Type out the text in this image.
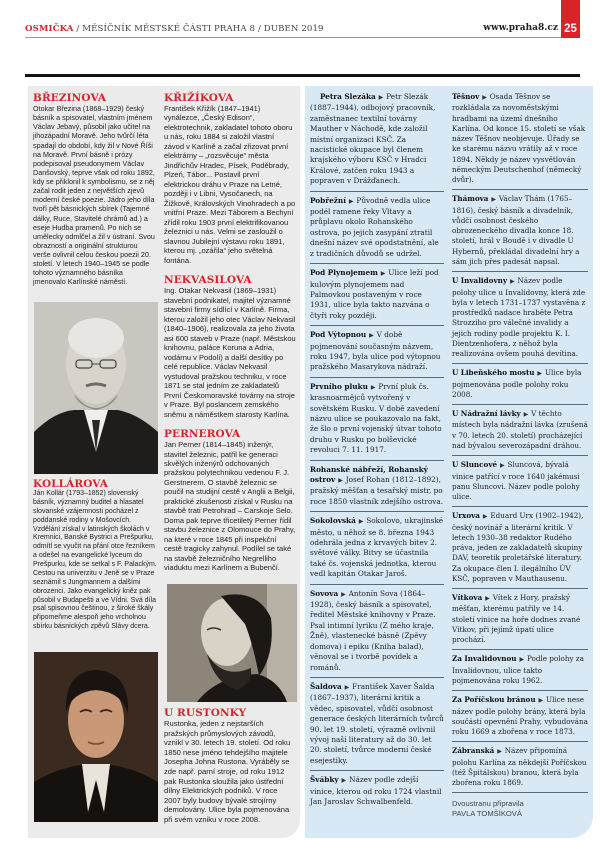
OSMIČKA / MĚSÍČNÍK MĚSTSKÉ ČÁSTI PRAHA 8 / DUBEN 2019	www.praha8.cz 25
BŘEZINOVA
Otokar Březina (1868–1929) český básník a spisovatel, vlastním jménem Václav Jebavý, působil jako učitel na jihozápadní Moravě. Jeho tvůrčí léta spadají do období, kdy žil v Nové Říši na Moravě. První básně i prózy podepisoval pseudonymem Václav Danšovský, teprve však od roku 1892, kdy se přiklonil k symbolismu, se z něj začal rodit jeden z největších zjevů moderní české poezie. Jádro jeho díla tvoří pět básnických sbírek (Tajemné dálky, Ruce, Stavitelé chrámů ad.) a eseje Hudba pramenů. Po nich se umělecky odmlčel a žil v ústraní. Svou obrazností a originální strukturou verše ovlivnil celou českou poezii 20. století. V letech 1940–1945 se podle tohoto významného básníka jmenovalo Karlínské náměstí.
KOLLÁROVA
Ján Kollár (1793–1852) slovenský básník, významný buditel a hlasatel slovanské vzájemnosti pocházel z poddanské rodiny v Mošovcích. Vzdělání získal v latinských školách v Kremnici, Banské Bystrici a Prešpurku, odmítl se vyučit na přání otce řezníkem a odešel na evangelické lyceum do Prešpurku, kde se setkal s F. Palackým. Cestou na univerzitu v Jeně se v Praze seznámil s Jungmannem a dalšími obrozenci. Jako evangelický kněz pak působil v Budapešti a ve Vídni. Svá díla psal spisovnou češtinou, z široké škály připomeňme alespoň jeho vrcholnou sbírku básnických zpěvů Slávy dcera.
KŘIŽÍKOVA
František Křižík (1847–1941) vynálezce, „Český Edison“, elektrotechnik, zakladatel tohoto oboru u nás, roku 1884 si založil vlastní závod v Karlíně a začal zřizovat první elektrárny – „rozsvěcuje“ města Jindřichův Hradec, Písek, Poděbrady, Plzeň, Tábor... Postavil první elektrickou dráhu v Praze na Letné, později i v Libni, Vysočanech, na Žižkově, Královských Vinohradech a po vnitřní Praze. Mezi Táborem a Bechyní zřídil roku 1903 první elektrifikovanou železnici u nás. Velmi se zasloužil o slavnou Jubilejní výstavu roku 1891, kterou mj. „ozářila“ jeho světelná fontána.
NEKVASILOVA
Ing. Otakar Nekvasil (1869–1931) stavební podnikatel, majitel významné stavební firmy sídlící v Karlíně. Firma, kterou založil jeho otec Václav Nekvasil (1840–1906), realizovala za jeho života asi 600 staveb v Praze (např. Městskou knihovnu, paláce Koruna a Adria, vodárnu v Podolí) a další desítky po celé republice. Václav Nekvasil vystudoval pražskou techniku, v roce 1871 se stal jedním ze zakladatelů První Českomoravské továrny na stroje v Praze. Byl poslancem zemského sněmu a náměstkem starosty Karlína.
PERNEROVA
Jan Perner (1814–1845) inženýr, stavitel železnic, patřil ke generaci skvělých inženýrů odchovaných pražskou polytechnikou vedenou F. J. Gerstnerem. O stavbě železnic se poučil na studijní cestě v Anglii a Belgii, praktické zkušenosti získal v Rusku na stavbě trati Petrohrad – Carskoje Selo. Doma pak teprve třicetiletý Perner řídil stavbu železnice z Olomouce do Prahy, na které v roce 1845 při inspekční cestě tragicky zahynul. Podílel se také na stavbě železničního Negrelliho viaduktu mezi Karlínem a Bubenčí.
U RUSTONKY
Rustonka, jeden z nejstarších pražských průmyslových závodů, vznikl v 30. letech 19. století. Od roku 1850 nese jméno tehdejšího majitele Josepha Johna Rustona. Vyráběly se zde např. parní stroje, od roku 1912 pak Rustonka sloužila jako ústřední dílny Elektrických podniků. V roce 2007 byly budovy bývalé strojírny demolovány. Ulice byla pojmenována při svém vzniku v roce 2008.
Petra Slezáka ▶ Petr Slezák (1887–1944), odbojový pracovník, zaměstnanec textilní továrny Mauther v Náchodě, kde založil místní organizaci KSČ. Za nacistické okupace byl členem krajského výboru KSČ v Hradci Králové, zatčen roku 1943 a popraven v Drážďanech.
Pobřežní ▶ Původně vedla ulice podél ramene řeky Vltavy a průplavu okolo Rohanského ostrova, po jejich zasypání ztratil dnešní název své opodstatnění, ale z tradičních důvodů se udržel.
Pod Plynojemem ▶ Ulice leží pod kulovým plynojemem nad Palmovkou postaveným v roce 1931, ulice byla takto nazvána o čtyři roky později.
Pod Výtopnou ▶ V době pojmenování současným názvem, roku 1947, byla ulice pod výtopnou pražského Masarykova nádraží.
Prvního pluku ▶ První pluk čs. krasnoarmějců vytvořený v sovětském Rusku. V době zavedení názvu ulice se poukazovalo na fakt, že šlo o první vojenský útvar tohoto druhu v Rusku po bolševické revoluci 7. 11. 1917.
Rohanské nábřeží, Rohanský ostrov ▶ Josef Rohan (1812–1892), pražský měšťan a tesařský mistr, po roce 1850 vlastník zdejšího ostrova.
Sokolovská ▶ Sokolovo, ukrajinské město, u něhož se 8. března 1943 odehrála jedna z krvavých bitev 2. světové války. Bitvy se účastnila také čs. vojenská jednotka, kterou vedl kapitán Otakar Jaroš.
Sovova ▶ Antonín Sova (1864–1928), český básník a spisovatel, ředitel Městské knihovny v Praze. Psal intimní lyriku (Z mého kraje, Žně), vlastenecké básně (Zpěvy domova) i epiku (Kniha balad), věnoval se i tvorbě povídek a románů.
Šaldova ▶ František Xaver Šalda (1867–1937), literární kritik a vědec, spisovatel, vůdčí osobnost generace českých literárních tvůrců 90. let 19. století, výrazně ovlivnil vývoj naší literatury až do 30. let 20. století, tvůrce moderní české esejestiky.
Švábky ▶ Název podle zdejší vinice, kterou od roku 1724 vlastnil Jan Jaroslav Schwalbenfeld.
Těšnov ▶ Osada Těšnov se rozkládala za novoměstskými hradbami na území dnešního Karlína. Od konce 15. století se však název Těšnov neobjevuje. Úřady se ke starému názvu vrátily až v roce 1894. Někdy je název vysvětlován německým Deutschenhof (německý dvůr).
Thámova ▶ Václav Thám (1765–1816), český básník a divadelník, vůdčí osobnost českého obrozeneckého divadla konce 18. století, hrál v Boudě i v divadle U Hybernů, překládal divadelní hry a sám jich přes padesát napsal.
U Invalidovny ▶ Název podle polohy ulice u Invalidovny, která zde byla v letech 1731–1737 vystavěna z prostředků nadace hraběte Petra Strozziho pro válečné invalidy a jejich rodiny podle projektu K. I. Dientzenhofera, z něhož byla realizována ovšem pouhá devítina.
U Libeňského mostu ▶ Ulice byla pojmenována podle polohy roku 2008.
U Nádražní lávky ▶ V těchto místech byla nádražní lávka (zrušená v 70. letech 20. století) procházející nad bývalou severozápadní dráhou.
U Sluncové ▶ Sluncová, bývalá vinice patřící v roce 1640 jakémusi panu Sluncovi. Název podle polohy ulice.
Urxova ▶ Eduard Urx (1902–1942), český novinář a literární kritik. V letech 1930–38 redaktor Rudého práva, jeden ze zakladatelů skupiny DAV, teoretik proletářské literatury. Za okupace člen I. ilegálního ÚV KSČ, popraven v Mauthausenu.
Vítkova ▶ Vítek z Hory, pražský měšťan, kterému patřily ve 14. století vinice na hoře dodnes zvané Vítkov, při jejímž úpatí ulice prochází.
Za Invalidovnou ▶ Podle polohy za Invalidovnou, ulice takto pojmenována roku 1962.
Za Poříčskou bránou ▶ Ulice nese název podle polohy brány, která byla součástí opevnění Prahy, vybudována roku 1669 a zbořena v roce 1873.
Zábranská ▶ Název připomíná polohu Karlína za někdejší Poříčskou (též Špitálskou) branou, která byla zbořena roku 1869.
Dvoustranu připravila
PAVLA TOMŠÍKOVÁ
